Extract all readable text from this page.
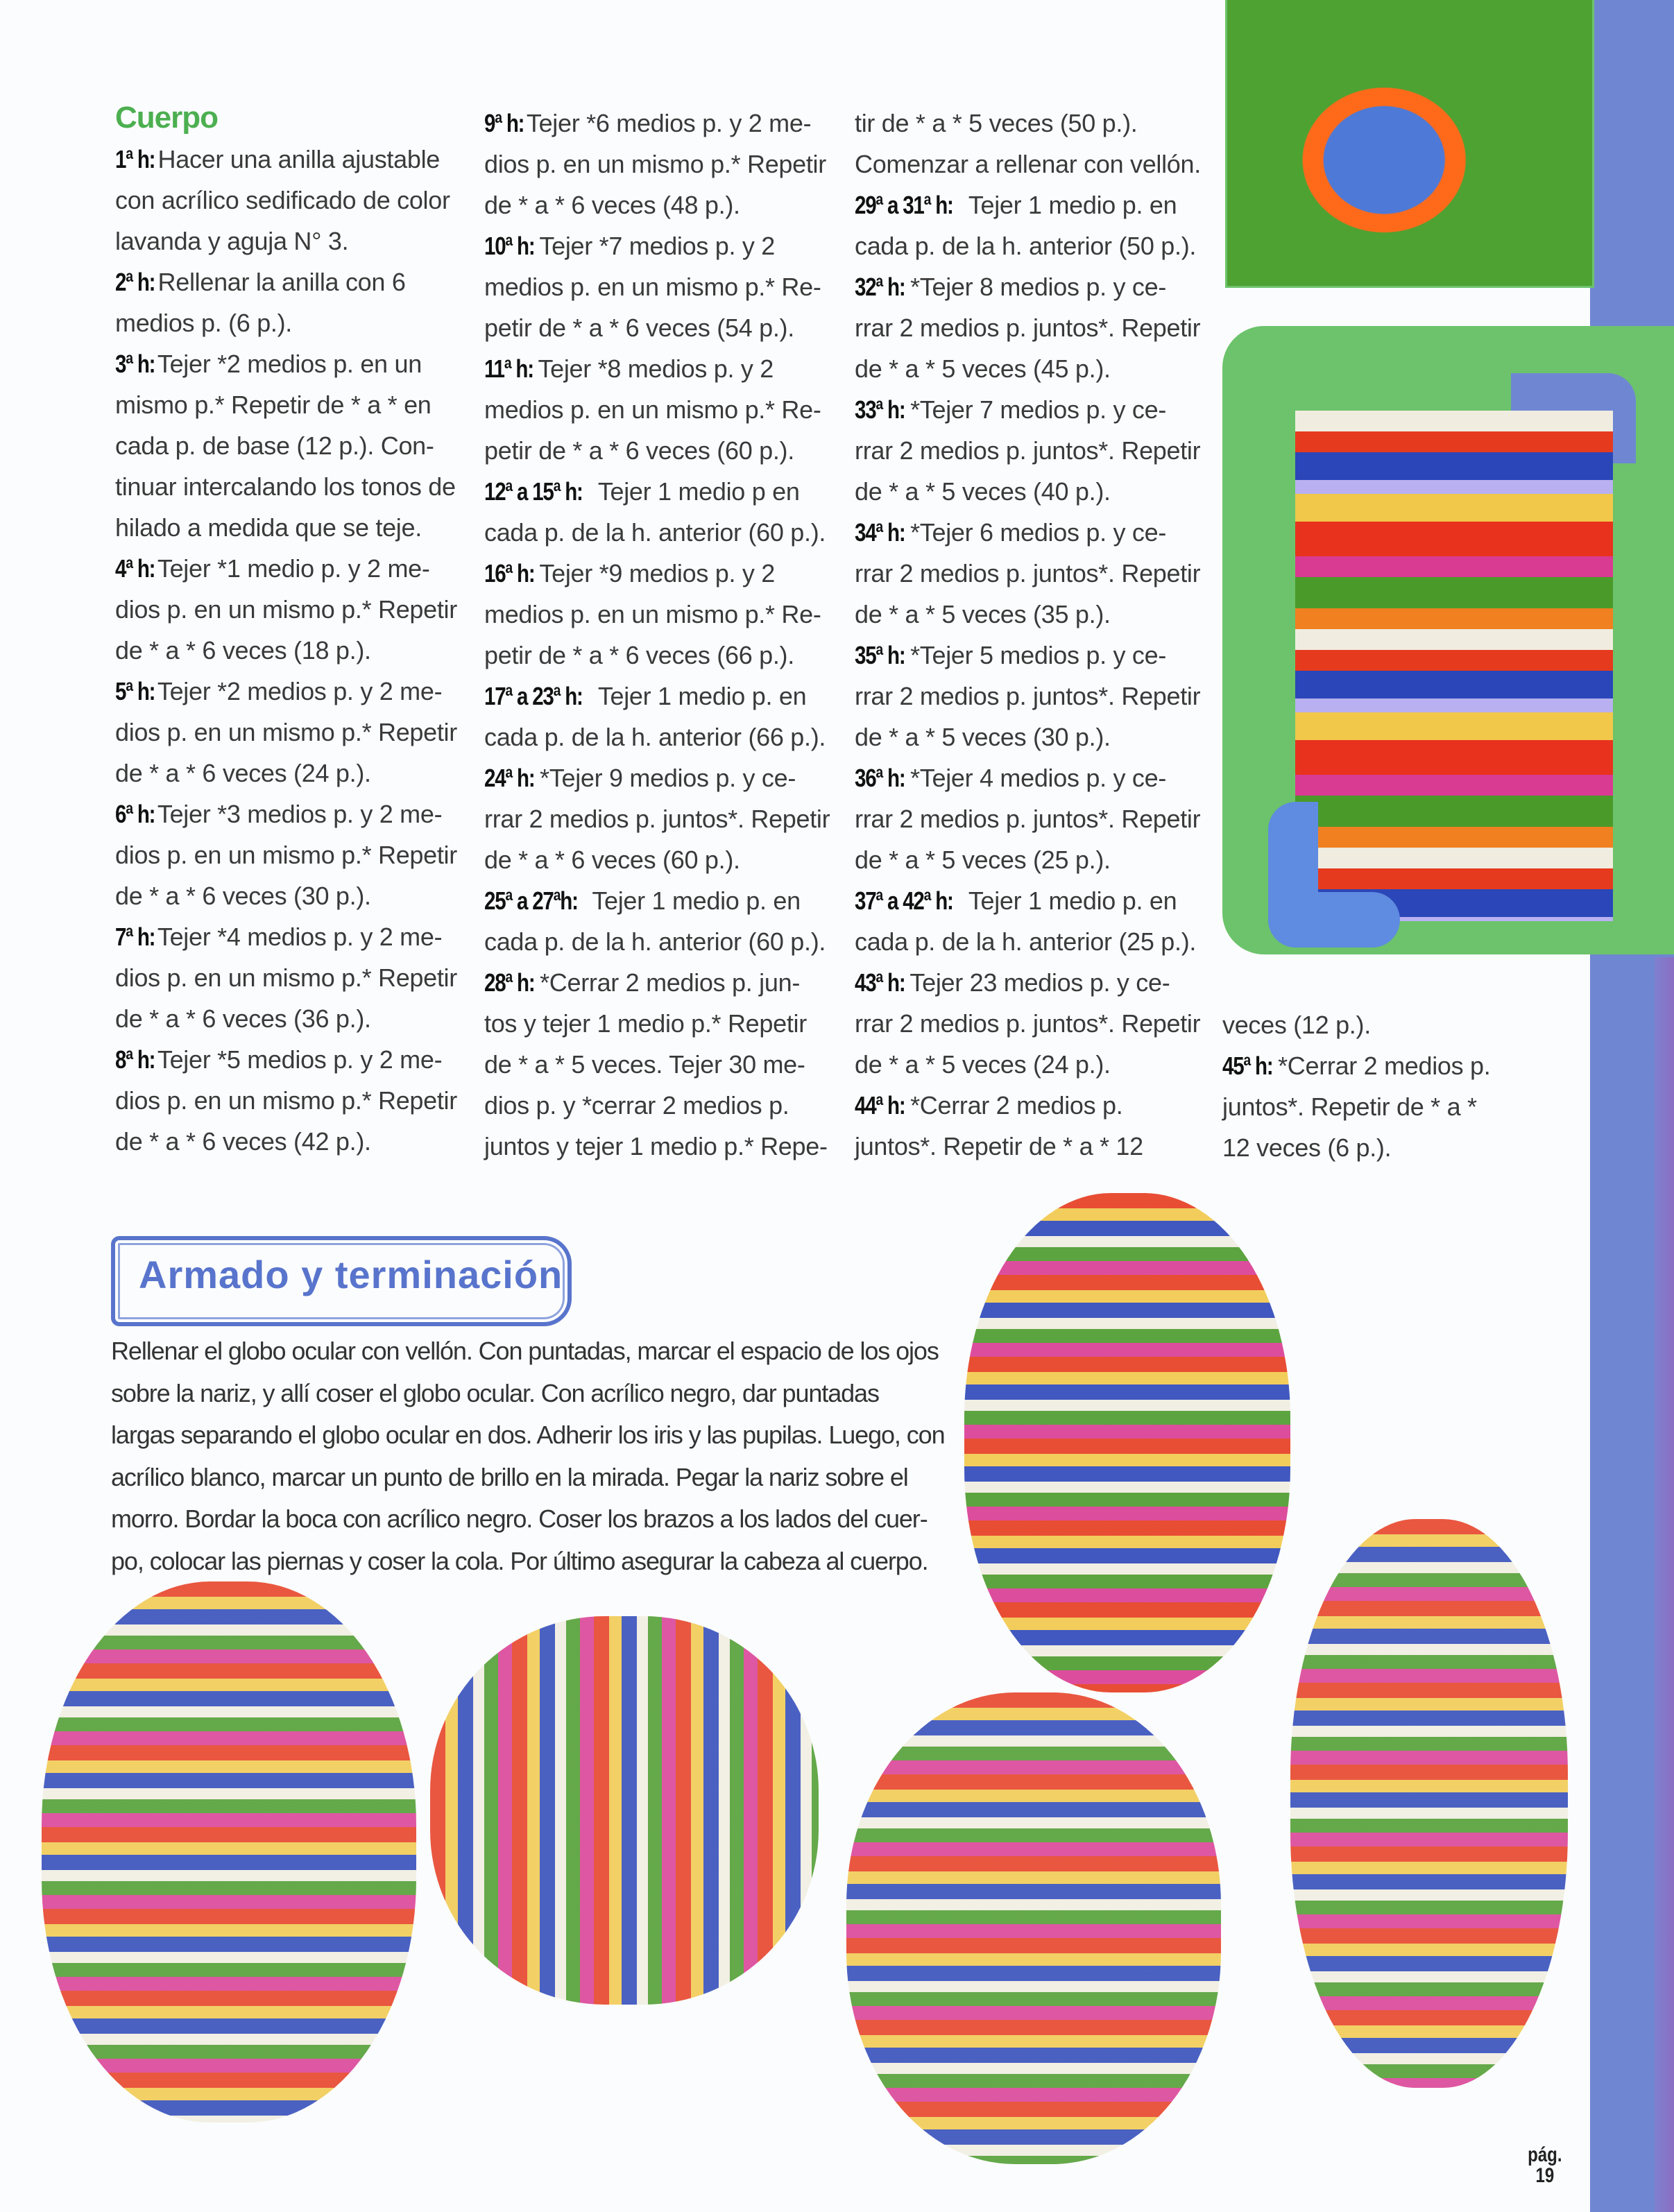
Cuerpo
1ª h: Hacer una anilla ajustable
con acrílico sedificado de color
lavanda y aguja N° 3.
2ª h: Rellenar la anilla con 6
medios p. (6 p.).
3ª h: Tejer *2 medios p. en un
mismo p.* Repetir de * a * en
cada p. de base (12 p.). Con-
tinuar intercalando los tonos de
hilado a medida que se teje.
4ª h: Tejer *1 medio p. y 2 me-
dios p. en un mismo p.* Repetir
de * a * 6 veces (18 p.).
5ª h: Tejer *2 medios p. y 2 me-
dios p. en un mismo p.* Repetir
de * a * 6 veces (24 p.).
6ª h: Tejer *3 medios p. y 2 me-
dios p. en un mismo p.* Repetir
de * a * 6 veces (30 p.).
7ª h: Tejer *4 medios p. y 2 me-
dios p. en un mismo p.* Repetir
de * a * 6 veces (36 p.).
8ª h: Tejer *5 medios p. y 2 me-
dios p. en un mismo p.* Repetir
de * a * 6 veces (42 p.).
9ª h: Tejer *6 medios p. y 2 me-
dios p. en un mismo p.* Repetir
de * a * 6 veces (48 p.).
10ª h: Tejer *7 medios p. y 2
medios p. en un mismo p.* Re-
petir de * a * 6 veces (54 p.).
11ª h: Tejer *8 medios p. y 2
medios p. en un mismo p.* Re-
petir de * a * 6 veces (60 p.).
12ª a 15ª h: Tejer 1 medio p en
cada p. de la h. anterior (60 p.).
16ª h: Tejer *9 medios p. y 2
medios p. en un mismo p.* Re-
petir de * a * 6 veces (66 p.).
17ª a 23ª h: Tejer 1 medio p. en
cada p. de la h. anterior (66 p.).
24ª h: *Tejer 9 medios p. y ce-
rrar 2 medios p. juntos*. Repetir
de * a * 6 veces (60 p.).
25ª a 27ªh: Tejer 1 medio p. en
cada p. de la h. anterior (60 p.).
28ª h: *Cerrar 2 medios p. jun-
tos y tejer 1 medio p.* Repetir
de * a * 5 veces. Tejer 30 me-
dios p. y *cerrar 2 medios p.
juntos y tejer 1 medio p.* Repe-
tir de * a * 5 veces (50 p.).
Comenzar a rellenar con vellón.
29ª a 31ª h: Tejer 1 medio p. en
cada p. de la h. anterior (50 p.).
32ª h: *Tejer 8 medios p. y ce-
rrar 2 medios p. juntos*. Repetir
de * a * 5 veces (45 p.).
33ª h: *Tejer 7 medios p. y ce-
rrar 2 medios p. juntos*. Repetir
de * a * 5 veces (40 p.).
34ª h: *Tejer 6 medios p. y ce-
rrar 2 medios p. juntos*. Repetir
de * a * 5 veces (35 p.).
35ª h: *Tejer 5 medios p. y ce-
rrar 2 medios p. juntos*. Repetir
de * a * 5 veces (30 p.).
36ª h: *Tejer 4 medios p. y ce-
rrar 2 medios p. juntos*. Repetir
de * a * 5 veces (25 p.).
37ª a 42ª h: Tejer 1 medio p. en
cada p. de la h. anterior (25 p.).
43ª h: Tejer 23 medios p. y ce-
rrar 2 medios p. juntos*. Repetir
de * a * 5 veces (24 p.).
44ª h: *Cerrar 2 medios p.
juntos*. Repetir de * a * 12
veces (12 p.).
45ª h: *Cerrar 2 medios p.
juntos*. Repetir de * a *
12 veces (6 p.).
Armado y terminación
Rellenar el globo ocular con vellón. Con puntadas, marcar el espacio de los ojos
sobre la nariz, y allí coser el globo ocular. Con acrílico negro, dar puntadas
largas separando el globo ocular en dos. Adherir los iris y las pupilas. Luego, con
acrílico blanco, marcar un punto de brillo en la mirada. Pegar la nariz sobre el
morro. Bordar la boca con acrílico negro. Coser los brazos a los lados del cuer-
po, colocar las piernas y coser la cola. Por último asegurar la cabeza al cuerpo.
pág.
19
